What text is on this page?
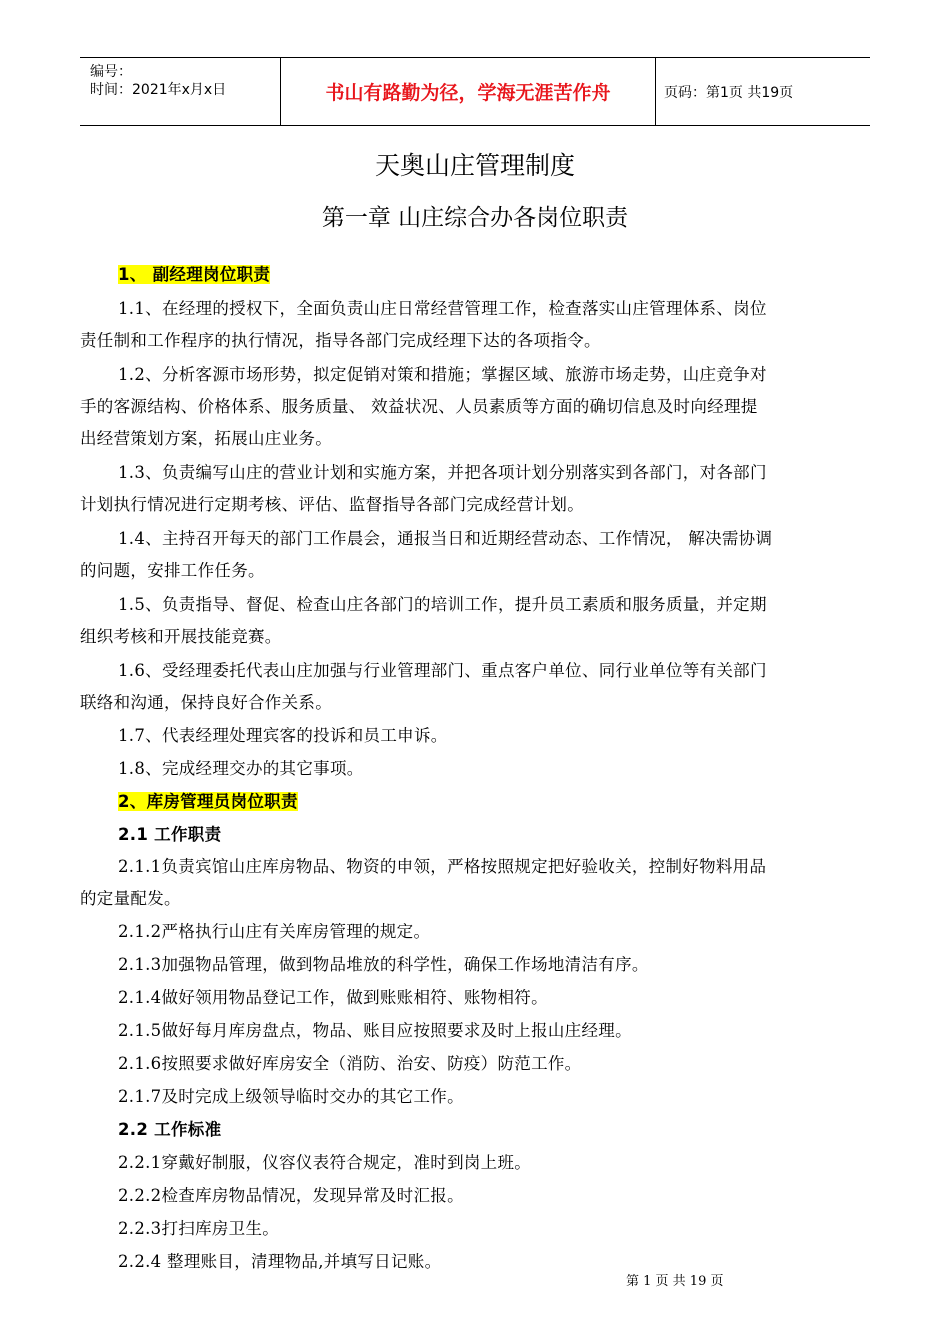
编号：
时间：2021年x月x日	书山有路勤为径，学海无涯苦作舟	页码：第1页 共19页
天奥山庄管理制度
第一章 山庄综合办各岗位职责
1、 副经理岗位职责
1.1、在经理的授权下，全面负责山庄日常经营管理工作，检查落实山庄管理体系、岗位
责任制和工作程序的执行情况，指导各部门完成经理下达的各项指令。
1.2、分析客源市场形势，拟定促销对策和措施；掌握区域、旅游市场走势，山庄竞争对
手的客源结构、价格体系、服务质量、 效益状况、人员素质等方面的确切信息及时向经理提
出经营策划方案，拓展山庄业务。
1.3、负责编写山庄的营业计划和实施方案，并把各项计划分别落实到各部门，对各部门
计划执行情况进行定期考核、评估、监督指导各部门完成经营计划。
1.4、主持召开每天的部门工作晨会，通报当日和近期经营动态、工作情况， 解决需协调
的问题，安排工作任务。
1.5、负责指导、督促、检查山庄各部门的培训工作，提升员工素质和服务质量，并定期
组织考核和开展技能竞赛。
1.6、受经理委托代表山庄加强与行业管理部门、重点客户单位、同行业单位等有关部门
联络和沟通，保持良好合作关系。
1.7、代表经理处理宾客的投诉和员工申诉。
1.8、完成经理交办的其它事项。
2、库房管理员岗位职责
2.1 工作职责
2.1.1负责宾馆山庄库房物品、物资的申领，严格按照规定把好验收关，控制好物料用品
的定量配发。
2.1.2严格执行山庄有关库房管理的规定。
2.1.3加强物品管理，做到物品堆放的科学性，确保工作场地清洁有序。
2.1.4做好领用物品登记工作，做到账账相符、账物相符。
2.1.5做好每月库房盘点，物品、账目应按照要求及时上报山庄经理。
2.1.6按照要求做好库房安全（消防、治安、防疫）防范工作。
2.1.7及时完成上级领导临时交办的其它工作。
2.2 工作标准
2.2.1穿戴好制服，仪容仪表符合规定，准时到岗上班。
2.2.2检查库房物品情况，发现异常及时汇报。
2.2.3打扫库房卫生。
2.2.4 整理账目，清理物品,并填写日记账。
第 1 页 共 19 页
